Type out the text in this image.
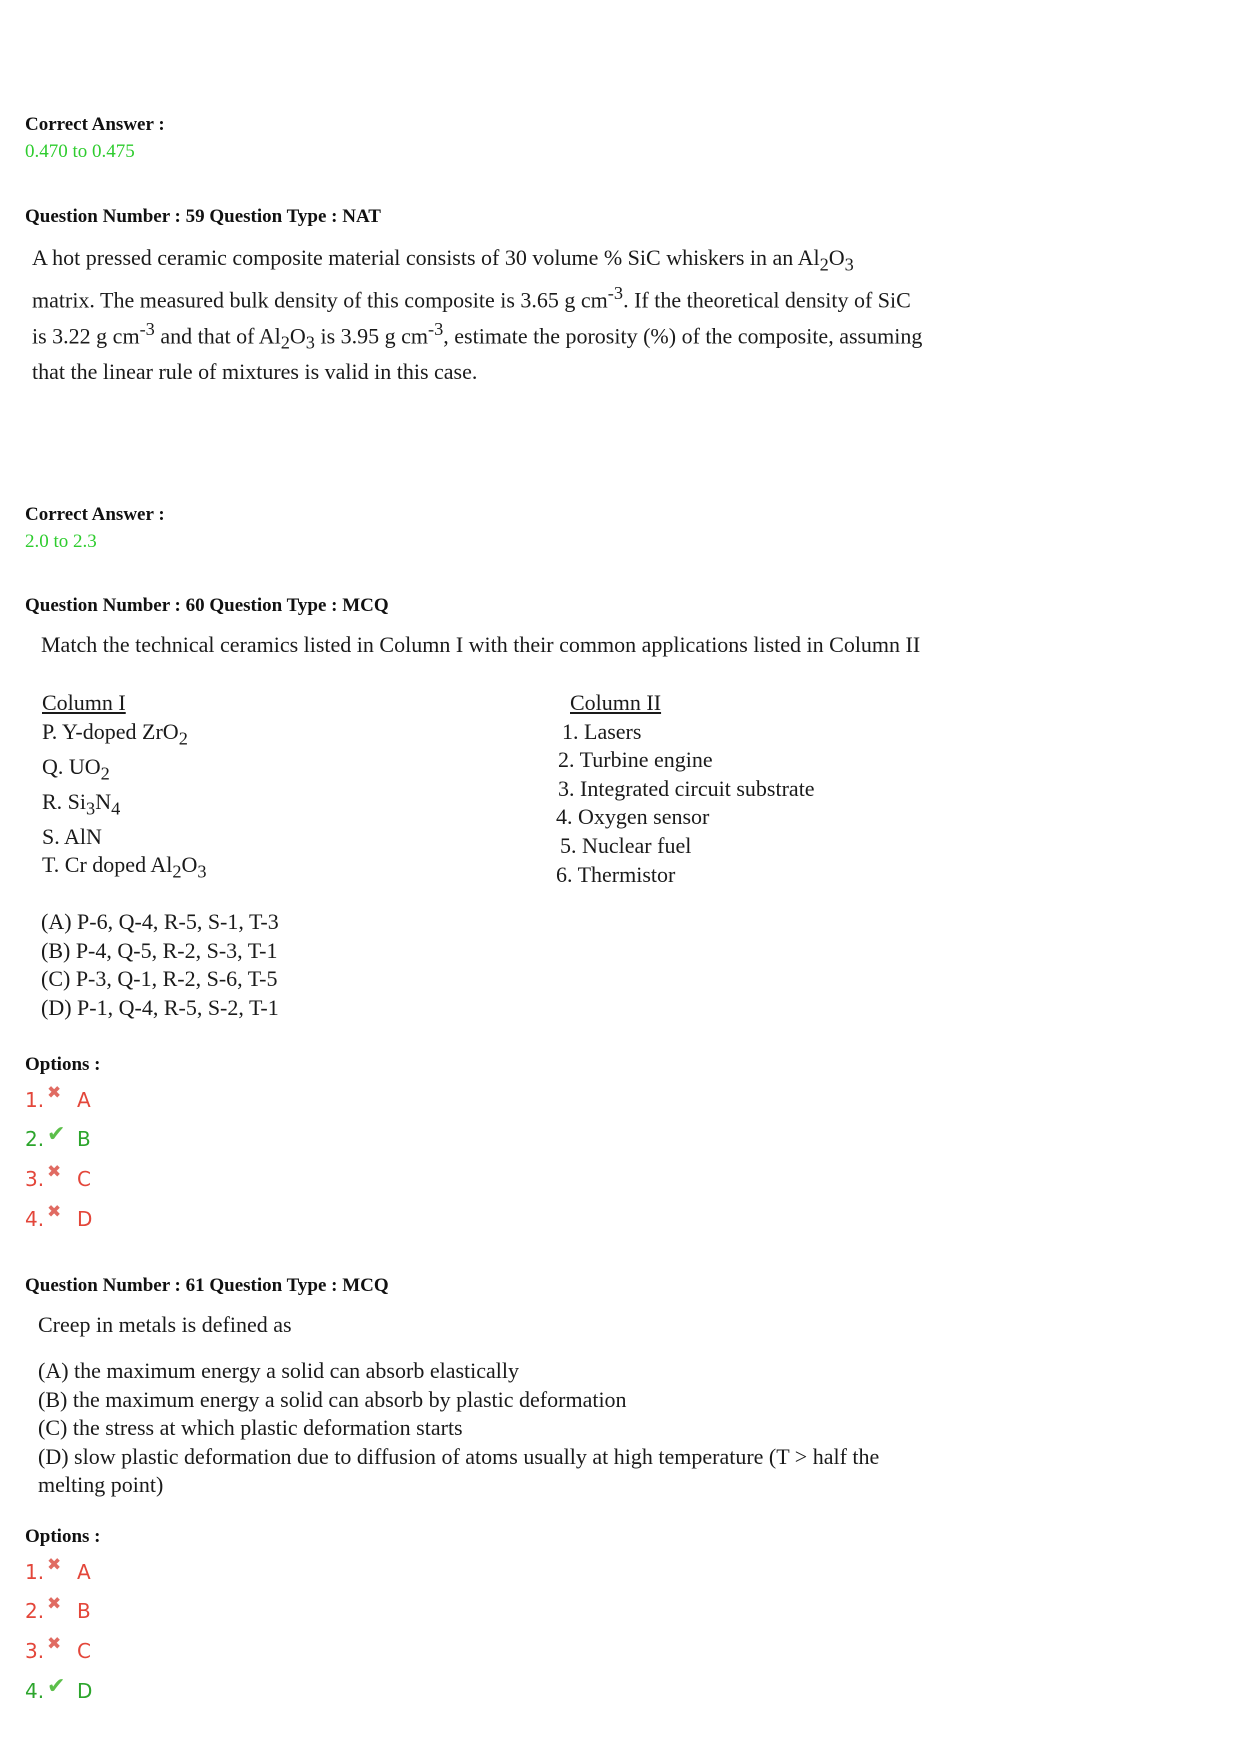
Correct Answer :
0.470 to 0.475
Question Number : 59 Question Type : NAT
A hot pressed ceramic composite material consists of 30 volume % SiC whiskers in an $Al_2O_3$
matrix. The measured bulk density of this composite is 3.65 g $cm^{-3}$. If the theoretical density of SiC
is 3.22 g $cm^{-3}$ and that of $Al_2O_3$ is 3.95 g $cm^{-3}$, estimate the porosity (%) of the composite, assuming
that the linear rule of mixtures is valid in this case.
Correct Answer :
2.0 to 2.3
Question Number : 60 Question Type : MCQ
Match the technical ceramics listed in Column I with their common applications listed in Column II
Column I
P. Y-doped ZrO$_2$
Q. $UO_2$
R. $Si_3N_4$
S. AlN
T. Cr doped $Al_2O_3$
Column II
1. Lasers
2. Turbine engine
3. Integrated circuit substrate
4. Oxygen sensor
5. Nuclear fuel
6. Thermistor
(A) P-6, Q-4, R-5, S-1, T-3
(B) P-4, Q-5, R-2, S-3, T-1
(C) P-3, Q-1, R-2, S-6, T-5
(D) P-1, Q-4, R-5, S-2, T-1
Options :
1. ✖ A
2. ✔ B
3. ✖ C
4. ✖ D
Question Number : 61 Question Type : MCQ
Creep in metals is defined as
(A) the maximum energy a solid can absorb elastically
(B) the maximum energy a solid can absorb by plastic deformation
(C) the stress at which plastic deformation starts
(D) slow plastic deformation due to diffusion of atoms usually at high temperature (T > half the
melting point)
Options :
1. ✖ A
2. ✖ B
3. ✖ C
4. ✔ D
